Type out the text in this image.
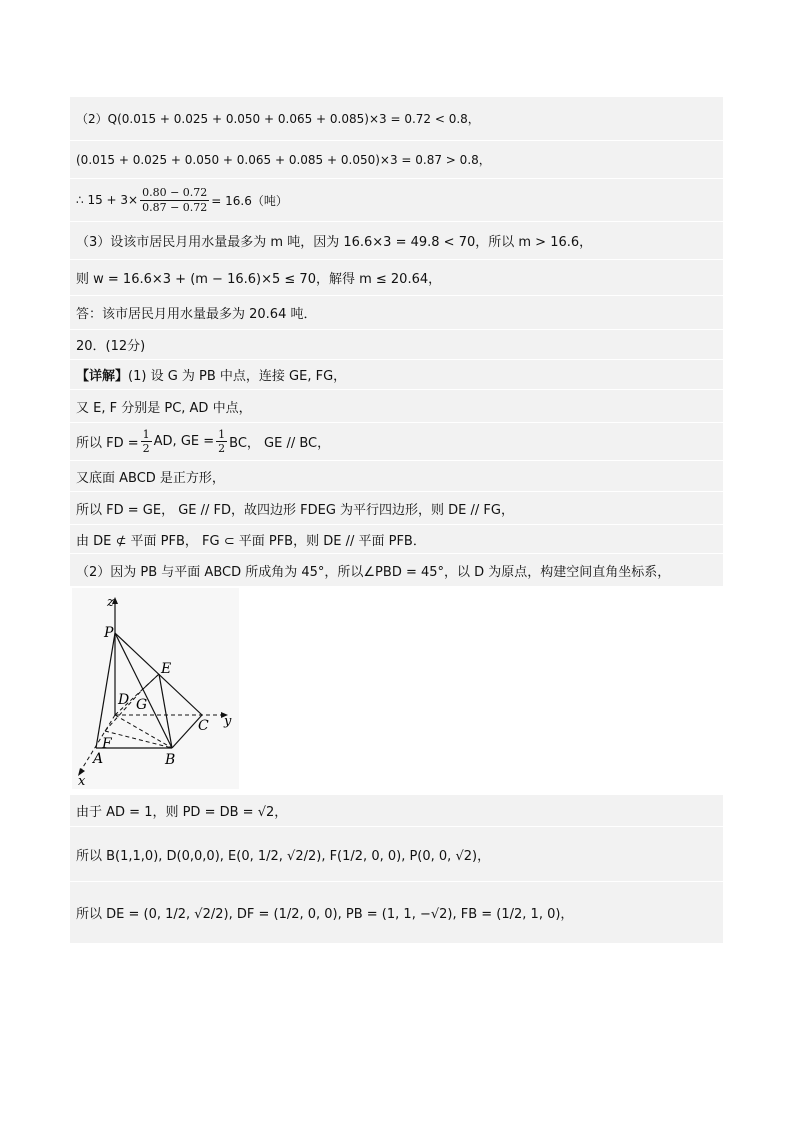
（2）Q(0.015 + 0.025 + 0.050 + 0.065 + 0.085)×3 = 0.72 < 0.8，
(0.015 + 0.025 + 0.050 + 0.065 + 0.085 + 0.050)×3 = 0.87 > 0.8，
∴ $15 + 3\times \frac{0.80 - 0.72}{0.87 - 0.72} = 16.6$（吨）
（3）设该市居民月用水量最多为 m 吨，因为 16.6×3 = 49.8 < 70，所以 m > 16.6，
则 w = 16.6×3 + (m − 16.6)×5 ≤ 70，解得 m ≤ 20.64，
答：该市居民月用水量最多为 20.64 吨．
20．(12分)
【详解】 (1) 设 G 为 PB 中点，连接 GE, FG，
又 E, F 分别是 PC, AD 中点，
所以 FD = $\frac{1}{2}$ AD, GE = $\frac{1}{2}$ BC， GE // BC，
又底面 ABCD 是正方形，
所以 FD = GE， GE // FD，故四边形 FDEG 为平行四边形，则 DE // FG，
由 DE ⊄ 平面 PFB， FG ⊂ 平面 PFB，则 DE // 平面 PFB．
（2）因为 PB 与平面 ABCD 所成角为 45°，所以∠PBD = 45°，以 D 为原点，构建空间直角坐标系，
由于 AD = 1，则 PD = DB = √2，
所以 B(1,1,0), D(0,0,0), E(0, 1/2, √2/2), F(1/2, 0, 0), P(0, 0, √2)，
所以 DE = (0, 1/2, √2/2), DF = (1/2, 0, 0), PB = (1, 1, −√2), FB = (1/2, 1, 0)，
z
P
E
D G
C y
F
A	B
x
